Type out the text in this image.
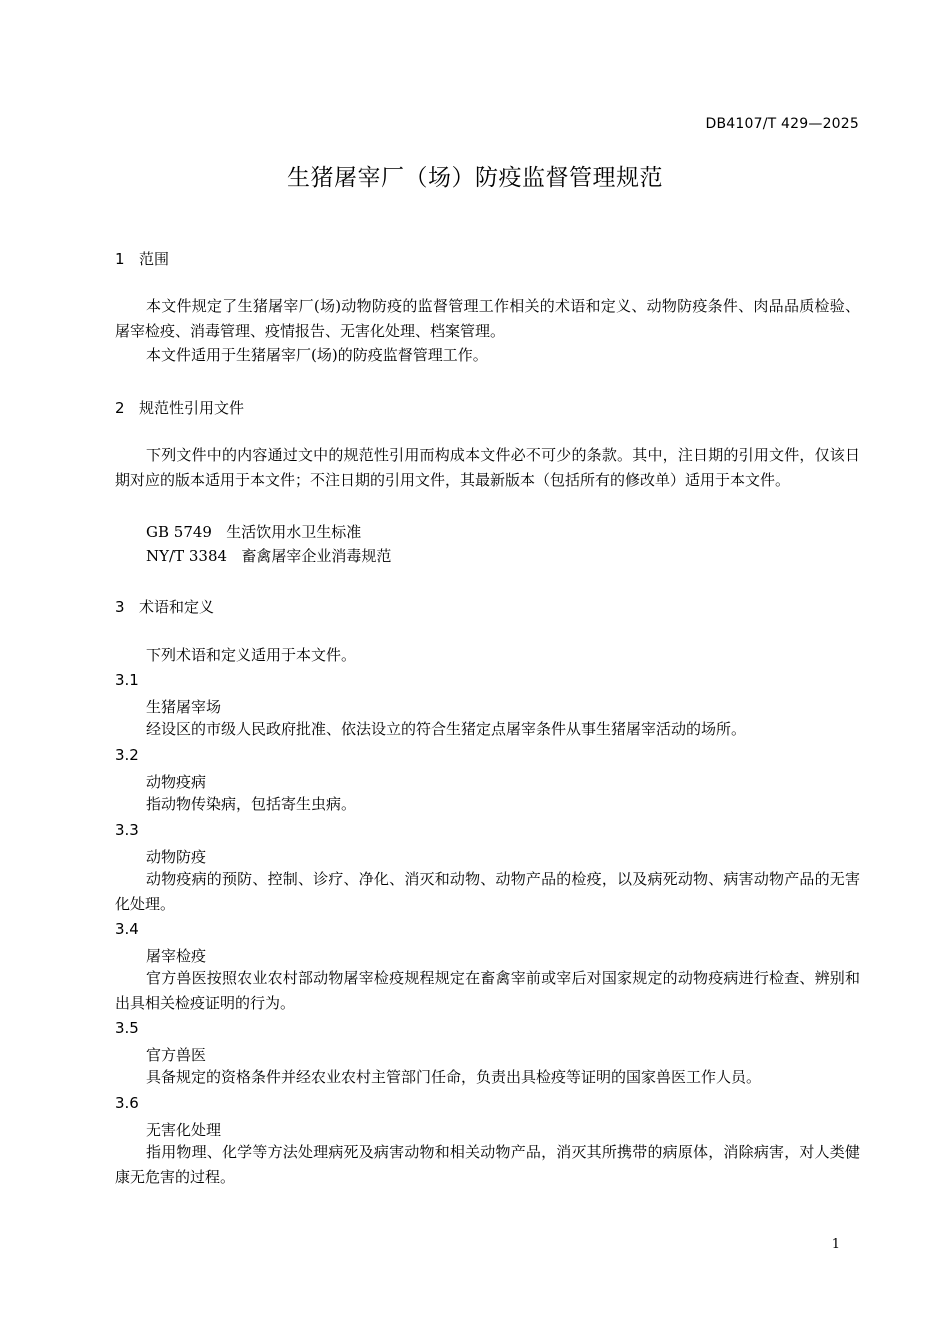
DB4107/T 429—2025
生猪屠宰厂（场）防疫监督管理规范
1 范围

本文件规定了生猪屠宰厂(场)动物防疫的监督管理工作相关的术语和定义、动物防疫条件、肉品品质检验、屠宰检疫、消毒管理、疫情报告、无害化处理、档案管理。

本文件适用于生猪屠宰厂(场)的防疫监督管理工作。

2 规范性引用文件

下列文件中的内容通过文中的规范性引用而构成本文件必不可少的条款。其中，注日期的引用文件，仅该日期对应的版本适用于本文件；不注日期的引用文件，其最新版本（包括所有的修改单）适用于本文件。

GB 5749 生活饮用水卫生标准
NY/T 3384 畜禽屠宰企业消毒规范
3 术语和定义

下列术语和定义适用于本文件。

3.1
生猪屠宰场

经设区的市级人民政府批准、依法设立的符合生猪定点屠宰条件从事生猪屠宰活动的场所。

3.2
动物疫病

指动物传染病，包括寄生虫病。

3.3
动物防疫

动物疫病的预防、控制、诊疗、净化、消灭和动物、动物产品的检疫，以及病死动物、病害动物产品的无害化处理。

3.4
屠宰检疫

官方兽医按照农业农村部动物屠宰检疫规程规定在畜禽宰前或宰后对国家规定的动物疫病进行检查、辨别和出具相关检疫证明的行为。

3.5
官方兽医

具备规定的资格条件并经农业农村主管部门任命，负责出具检疫等证明的国家兽医工作人员。

3.6
无害化处理

指用物理、化学等方法处理病死及病害动物和相关动物产品，消灭其所携带的病原体，消除病害，对人类健康无危害的过程。

1
